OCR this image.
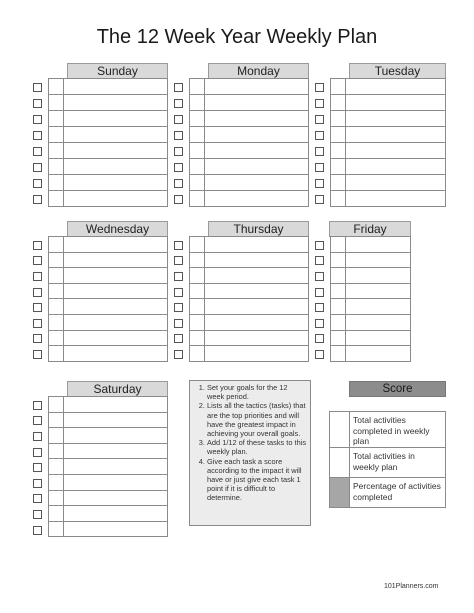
The 12 Week Year Weekly Plan
Sunday	Monday	Tuesday
Wednesday	Thursday	Friday
Saturday
1.	Set your goals for the 12 week period.
2. Lists all the tactics (tasks) that are the top priorities and will have the greatest impact in achieving your overall goals.
3. Add 1/12 of these tasks to this weekly plan.
4. Give each task a score according to the impact it will have or just give each task 1 point if it is difficult to determine.
Score
Total activities completed in weekly plan
Total activities in weekly plan
Percentage of activities completed
101Planners.com
